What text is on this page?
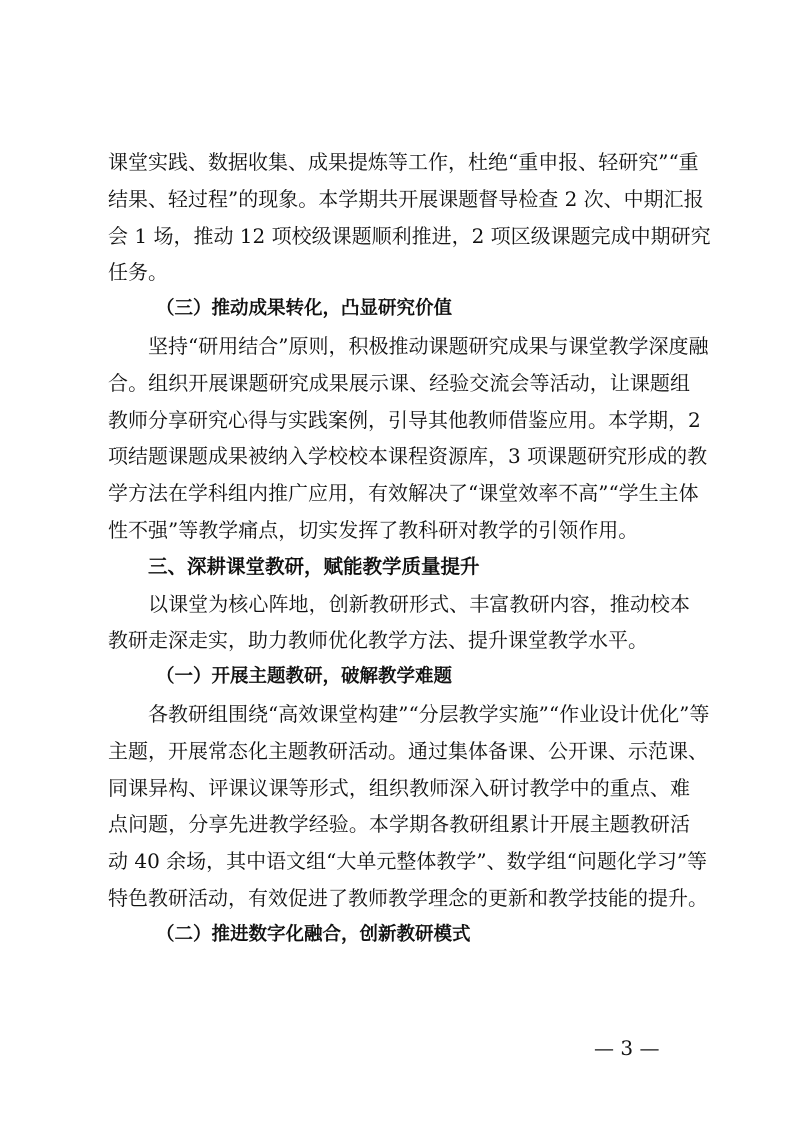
课堂实践、数据收集、成果提炼等工作，杜绝“重申报、轻研究”“重
结果、轻过程”的现象。本学期共开展课题督导检查 2 次、中期汇报
会 1 场，推动 12 项校级课题顺利推进，2 项区级课题完成中期研究
任务。
（三）推动成果转化，凸显研究价值
坚持“研用结合”原则，积极推动课题研究成果与课堂教学深度融
合。组织开展课题研究成果展示课、经验交流会等活动，让课题组
教师分享研究心得与实践案例，引导其他教师借鉴应用。本学期，2
项结题课题成果被纳入学校校本课程资源库，3 项课题研究形成的教
学方法在学科组内推广应用，有效解决了“课堂效率不高”“学生主体
性不强”等教学痛点，切实发挥了教科研对教学的引领作用。
三、深耕课堂教研，赋能教学质量提升
以课堂为核心阵地，创新教研形式、丰富教研内容，推动校本
教研走深走实，助力教师优化教学方法、提升课堂教学水平。
（一）开展主题教研，破解教学难题
各教研组围绕“高效课堂构建”“分层教学实施”“作业设计优化”等
主题，开展常态化主题教研活动。通过集体备课、公开课、示范课、
同课异构、评课议课等形式，组织教师深入研讨教学中的重点、难
点问题，分享先进教学经验。本学期各教研组累计开展主题教研活
动 40 余场，其中语文组“大单元整体教学”、数学组“问题化学习”等
特色教研活动，有效促进了教师教学理念的更新和教学技能的提升。
（二）推进数字化融合，创新教研模式
— 3 —
